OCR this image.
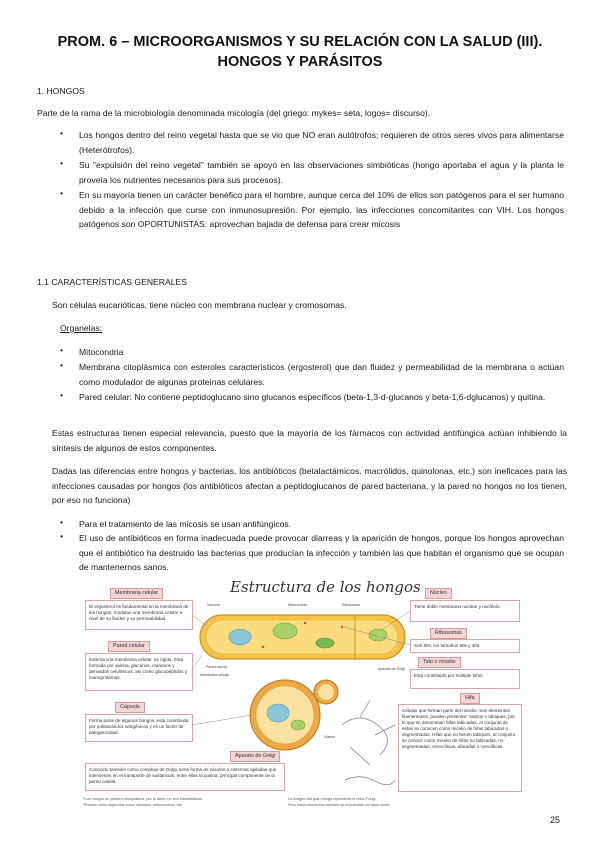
PROM. 6 – MICROORGANISMOS Y SU RELACIÓN CON LA SALUD (III).
HONGOS Y PARÁSITOS
1. HONGOS
Parte de la rama de la microbiología denominada micología (del griego: mykes= seta, logos= discurso).
•	Los hongos dentro del reino vegetal hasta que se vio que NO eran autótrofos; requieren de otros seres vivos para alimentarse (Heterótrofos).
•	Su "expulsión del reino vegetal" también se apoyó en las observaciones simbióticas (hongo aportaba el agua y la planta le proveía los nutrientes necesarios para sus procesos).
•	En su mayoría tienen un carácter benéfico para el hombre, aunque cerca del 10% de ellos son patógenos para el ser humano debido a la infección que curse con inmunosupresión. Por ejemplo, las infecciones concomitantes con VIH. Los hongos patógenos son OPORTUNISTAS: aprovechan bajada de defensa para crear micosis
1.1 CARACTERÍSTICAS GENERALES
Son células eucarióticas, tiene núcleo con membrana nuclear y cromosomas.
Organelas:
•	Mitocondria
•	Membrana citoplásmica con esteroles característicos (ergosterol) que dan fluidez y permeabilidad de la membrana o actúan como modulador de algunas proteínas celulares.
•	Pared celular: No contiene peptidoglucano sino glucanos específicos (beta-1,3-d-glucanos y beta-1,6-dglucanos) y quitina.
Estas estructuras tienen especial relevancia, puesto que la mayoría de los fármacos con actividad antifúngica actúan inhibiendo la síntesis de algunos de estos componentes.
Dadas las diferencias entre hongos y bacterias, los antibióticos (betalactámicos. macrólidos, quinolonas, etc.) son ineficaces para las infecciones causadas por hongos (los antibióticos afectan a peptidoglucanos de pared bacteriana, y la pared no hongos no los tienen, por eso no funciona)
•	Para el tratamiento de las micosis se usan antifúngicos.
•	El uso de antibióticos en forma inadecuada puede provocar diarreas y la aparición de hongos, porque los hongos aprovechan que el antibiótico ha destruido las bacterias que producían la infección y también las que habitan el organismo que se ocupan de mantenernos sanos.
Estructura de los hongos
Membrana celular
El ergosterol es fundamental en la membrana de los hongos, modulan una membrana celular a nivel de su fluidez y su permeabilidad.
Pared celular
Externa a la membrana celular, es rígida. Está formada por quitina, glucanos, mananos y derivados celulósicos, así como glucopéptidos y manoproteínas.
Cápsula
Forma parte de algunos hongos, está constituida por polisacáridos antigénicos y es un factor de patogenicidad.
Aparato de Golgi
Conocido también como complejo de Golgi, tiene forma de sáculos o cisternas apiladas que intervienen en el transporte de sustancias, entre ellas la quitina, principal componente de la pared celular.
Núcleo
Tiene doble membrana nuclear y nucléolo.
Ribosomas
Son 80s, los tamaños 60s y 40s.
Talo o micelio
Está constituido por múltiple hifas.
Hifa
Células que forman parte del micelio. Son elementos filamentosos, pueden presentar: Septos o tabiques, por lo que se denominan hifas tabicadas. Al conjunto de estas se conocen como micelio de hifas tabicadas o segmentadas. Hifas que no tienen tabiques, al conjunto se conoce como micelio de hifas no tabicadas, no segmentadas, cenocíticas, afaradas o cenolíticas.
Vacuola	Mitocondria	Ribosomas
Aparato de Golgi
Pared celular
Membrana celular
Núcleo
*Los hongos no poseen cloroplastos, por lo tanto, no son fotosintéticos
*Poseen otros orgánulos como vacuolas, mitocondrias, etc.
La imagen del gran hongo representa el reino Fungi
Pero estos elementos también se encuentran en otros seres
25
